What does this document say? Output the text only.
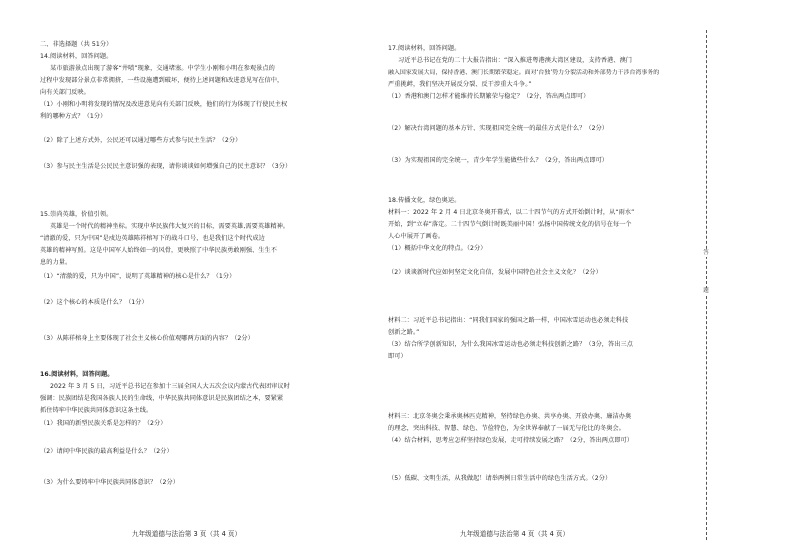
二、非选择题（共 51分）
14.阅读材料，回答问题。
某市旅游景点出现了游客“井喷”现象，交通堵塞。中学生小刚和小明在参观景点的
过程中发现部分景点非常拥挤，一些设施遭到破坏，便待上述问题和改进意见写在信中，
向有关部门反映。
（1）小刚和小明将发现的情况及改进意见向有关部门反映，他们的行为体现了行使民主权
利的哪种方式？（1分）
（2）除了上述方式外，公民还可以通过哪些方式参与民主生活？（2分）
（3）参与民主生活是公民民主意识强的表现，请你谈谈如何增强自己的民主意识？（3分）
15.崇尚英雄，价值引领。
英雄是一个时代的精神坐标。实现中华民族伟大复兴的目标，需要英雄,需要英雄精神。
“清澈的爱，只为中国”是戍边英雄陈祥榕写下的战斗口号，也是我们这个时代成边
英雄的精神写照。这是中国军人始终如一的风骨，更映照了中华民族勇敢刚强、生生不
息的力量。
（1）“清澈的爱，只为中国”，说明了英雄精神的核心是什么？（1分）
（2）这个核心的本质是什么？（1分）
（3）从陈祥榕身上主要体现了社会主义核心价值观哪两方面的内容？（2分）
16.阅读材料，回答问题。
2022 年 3 月 5 日，习近平总书记在参加十三届全国人大五次会议内蒙古代表团审议时
强调：民族团结是我国各族人民的生命线，中华民族共同体意识是民族团结之本，要紧紧
抓住铸牢中华民族共同体意识这条主线。
（1）我国的新型民族关系是怎样的？（2分）
（2）请问中华民族的最高利益是什么？（2分）
（3）为什么要铸牢中华民族共同体意识？（2分）
九年级道德与法治第 3 页（共 4 页）
17.阅读材料，回答问题。
习近平总书记在党的二十大报告指出：“深入推进粤港澳大湾区建设，支持香港、澳门
融入国家发展大局，保持香港、澳门长期繁荣稳定。面对‘台独’势力分裂活动和外部势力干涉台湾事务的
严重挑衅，我们坚决开展反分裂、反干涉重大斗争。”
（1）香港和澳门怎样才能维持长期繁荣与稳定？（2分，答出两点即可）
（2）解决台湾问题的基本方针、实现祖国完全统一的最佳方式是什么？（2分）
（3）为实现祖国的完全统一，青少年学生能做些什么？（2分，答出两点即可）
18.传播文化，绿色奥运。
材料一：2022 年 2 月 4 日北京冬奥开幕式，以二十四节气的方式开始倒计时，从“雨水”
开始，到“立春”落定。二十四节气倒计时既美丽中国！弘扬中国传统文化的信号在每一个
人心中展开了画卷。
（1）概括中华文化的特点。（2分）
（2）谈谈新时代应如何坚定文化自信，发展中国特色社会主义文化？（2分）
材料二：习近平总书记指出：“同我们国家的强国之路一样，中国冰雪运动也必须走科技
创新之路。”
（3）结合所学创新知识，为什么我国冰雪运动也必须走科技创新之路？（3分，答出三点
即可）
材料三：北京冬奥会秉承奥林匹克精神，坚持绿色办奥、共享办奥、开放办奥、廉洁办奥
的理念，突出科技、智慧、绿色、节俭特色，为全世界奉献了一届无与伦比的冬奥会。
（4）结合材料，思考应怎样坚持绿色发展，走可持续发展之路？（2分，答出两点即可）
（5）低碳、文明生活，从我做起！请举两例日常生活中的绿色生活方式。（2分）
九年级道德与法治第 4 页（共 4 页）
答
题
